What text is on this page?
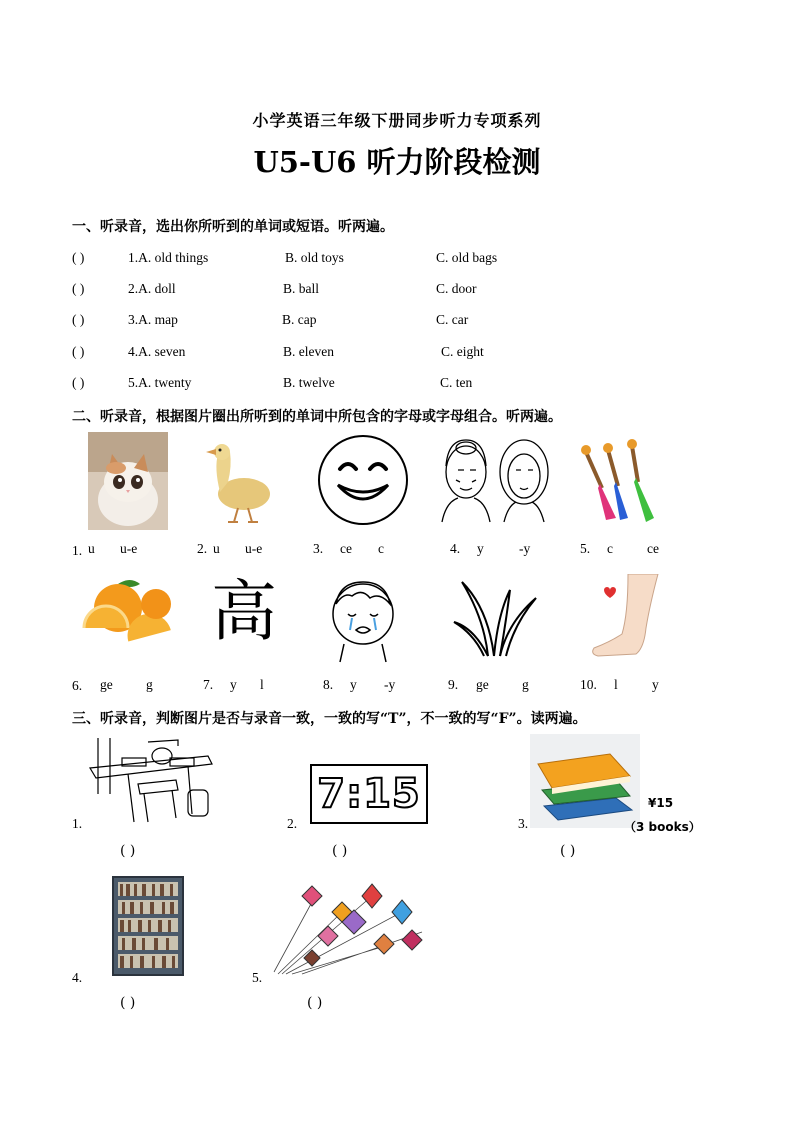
小学英语三年级下册同步听力专项系列
U5-U6 听力阶段检测
一、听录音，选出你所听到的单词或短语。听两遍。
( )	1.A. old things	B. old toys	C. old bags
( )	2.A. doll	B. ball	C. door
( )	3.A. map	B. cap	C. car
( )	4.A. seven	B. eleven	C. eight
( )	5.A. twenty	B. twelve	C. ten
二、听录音，根据图片圈出所听到的单词中所包含的字母或字母组合。听两遍。
1. u u-e	2. u u-e	3. ce c	4. y	-y	5. c	ce
高
6. ge g	7. y l	8. y -y	9. ge g	10. l	y
三、听录音，判断图片是否与录音一致，一致的写“T”，不一致的写“F”。读两遍。
1.
( )
7:15
2.
( )
¥15
（3 books）
3.
( )
4.
( )
5.
( )
